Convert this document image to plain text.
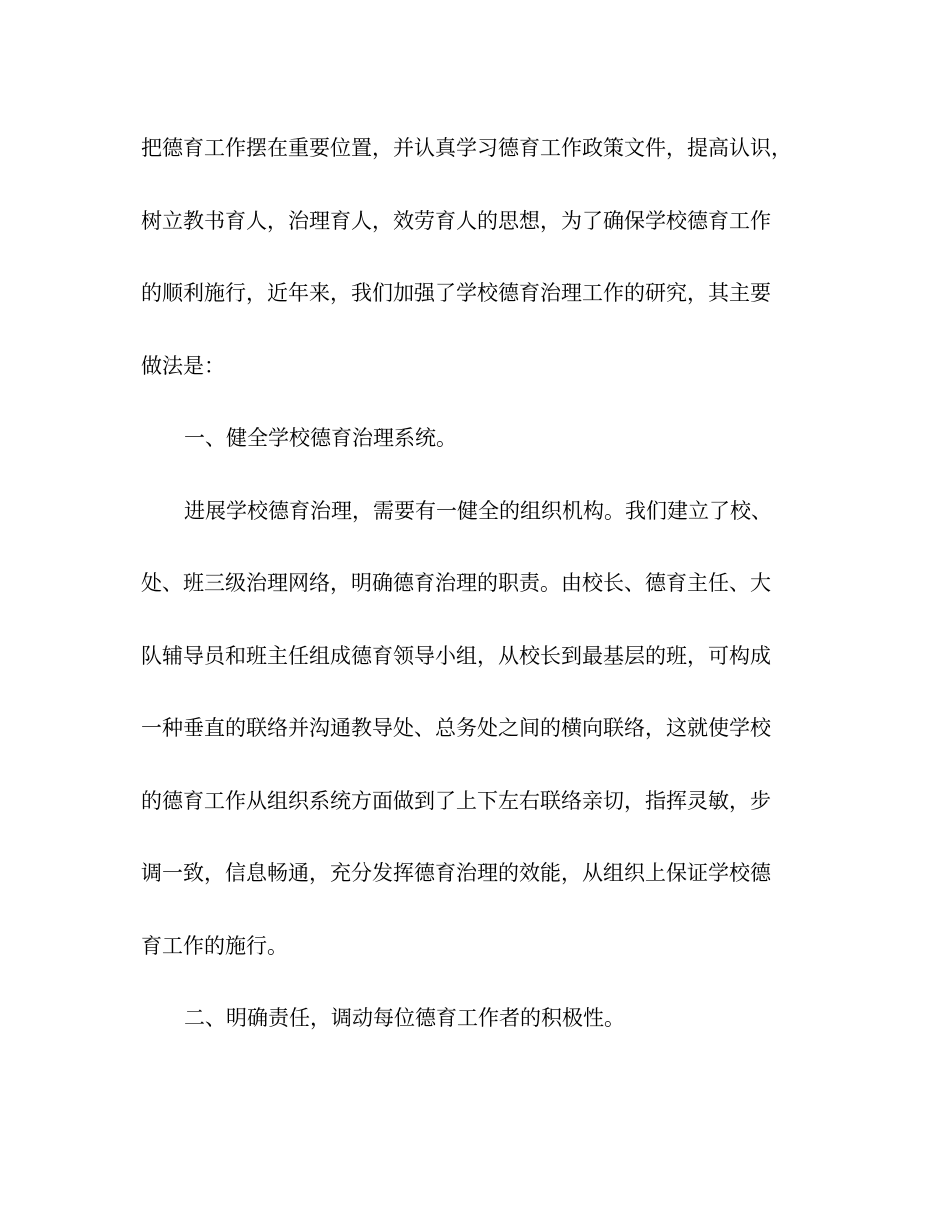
把德育工作摆在重要位置，并认真学习德育工作政策文件，提高认识，
树立教书育人，治理育人，效劳育人的思想，为了确保学校德育工作
的顺利施行，近年来，我们加强了学校德育治理工作的研究，其主要
做法是：

一、健全学校德育治理系统。

进展学校德育治理，需要有一健全的组织机构。我们建立了校、
处、班三级治理网络，明确德育治理的职责。由校长、德育主任、大
队辅导员和班主任组成德育领导小组，从校长到最基层的班，可构成
一种垂直的联络并沟通教导处、总务处之间的横向联络，这就使学校
的德育工作从组织系统方面做到了上下左右联络亲切，指挥灵敏，步
调一致，信息畅通，充分发挥德育治理的效能，从组织上保证学校德
育工作的施行。

二、明确责任，调动每位德育工作者的积极性。
